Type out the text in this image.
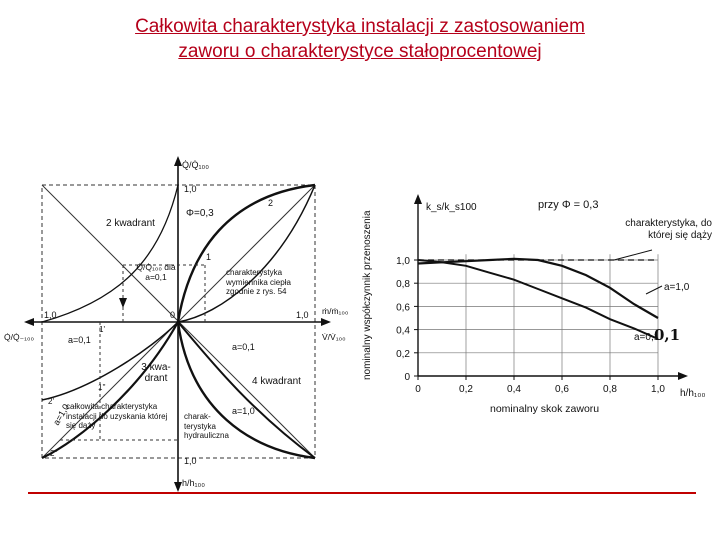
Całkowita charakterystyka instalacji z zastosowaniem
zaworu o charakterystyce stałoprocentowej
Q̇/Q̇₁₀₀
ṁ/ṁ₁₀₀
V̇/V̇₁₀₀
Q̇/Q̇₋₁₀₀
h/h₁₀₀
1,0
1,0
1,0
1,0
0
2 kwadrant
Φ=0,3
2
1
Q̇/Q̇₁₀₀ dla a=0,1	charakterystyka wymiennika ciepła zgodnie z rys. 54
a=0,1
1'
a=0,1
3 kwa- drant	4 kwadrant
1''
2'
2''
a=1,0	a=1,0
całkowita charakterystyka instalacji do uzyskania której się dąży
charak- terystyka hydrauliczna
1,0
0,8
0,6
0,4
0,2
0
0	0,2	0,4	0,6	0,8	1,0
k_s/k_s100	przy Φ = 0,3
nominalny współczynnik przenoszenia
nominalny skok zaworu
h/h₁₀₀
charakterystyka, do której się dąży
a=1,0
a=0,1
0,1
